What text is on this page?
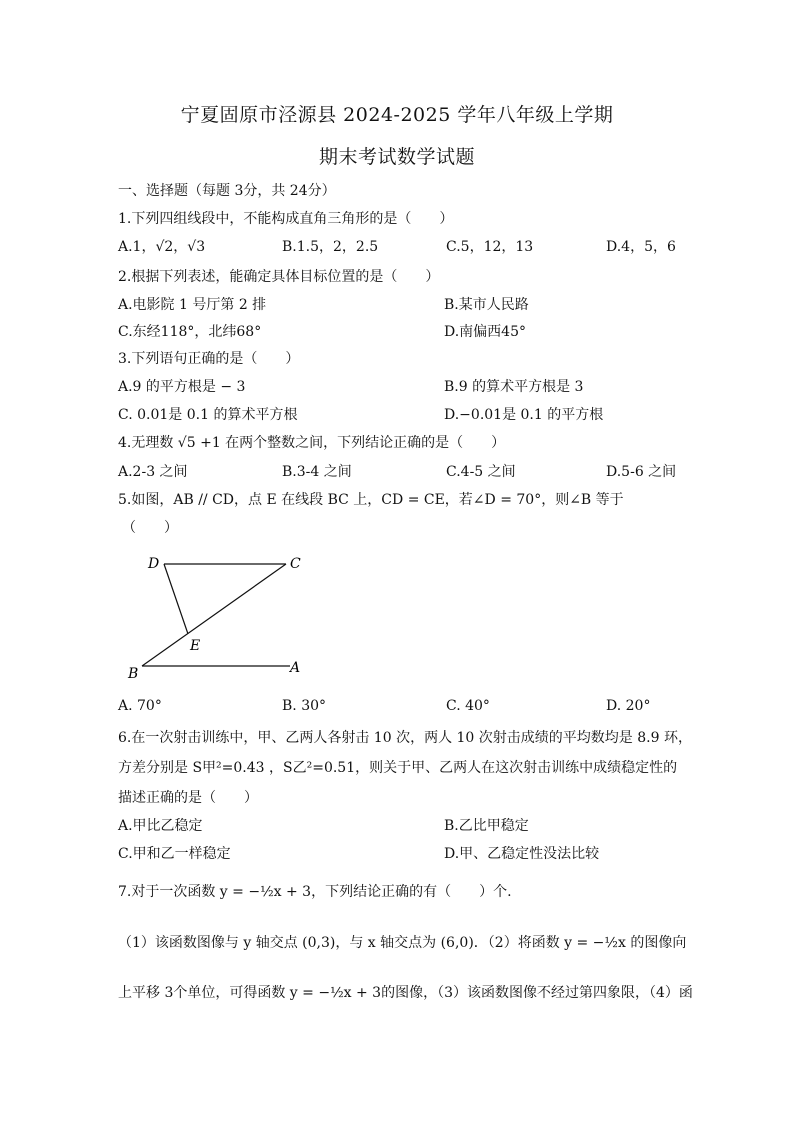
宁夏固原市泾源县 2024-2025 学年八年级上学期
期末考试数学试题
一、选择题（每题 3分，共 24分）
1.下列四组线段中，不能构成直角三角形的是（　　）
A.1，√2，√3	B.1.5，2，2.5	C.5，12，13	D.4，5，6
2.根据下列表述，能确定具体目标位置的是（　　）
A.电影院 1 号厅第 2 排	B.某市人民路
C.东经118°，北纬68°	D.南偏西45°
3.下列语句正确的是（　　）
A.9 的平方根是 − 3	B.9 的算术平方根是 3
C. 0.01是 0.1 的算术平方根	D.−0.01是 0.1 的平方根
4.无理数 √5 +1 在两个整数之间，下列结论正确的是（　　）
A.2-3 之间	B.3-4 之间	C.4-5 之间	D.5-6 之间
5.如图，AB // CD，点 E 在线段 BC 上，CD = CE，若∠D = 70°，则∠B 等于
（　　）
D	C
E
B	A
A. 70°	B. 30°	C. 40°	D. 20°
6.在一次射击训练中，甲、乙两人各射击 10 次，两人 10 次射击成绩的平均数均是 8.9 环，
方差分别是 S甲²=0.43 ，S乙²=0.51，则关于甲、乙两人在这次射击训练中成绩稳定性的
描述正确的是（　　）
A.甲比乙稳定	B.乙比甲稳定
C.甲和乙一样稳定	D.甲、乙稳定性没法比较
7.对于一次函数 y = −½x + 3，下列结论正确的有（　　）个.
（1）该函数图像与 y 轴交点 (0,3)，与 x 轴交点为 (6,0)．（2）将函数 y = −½x 的图像向
上平移 3个单位，可得函数 y = −½x + 3的图像，（3）该函数图像不经过第四象限，（4）函
